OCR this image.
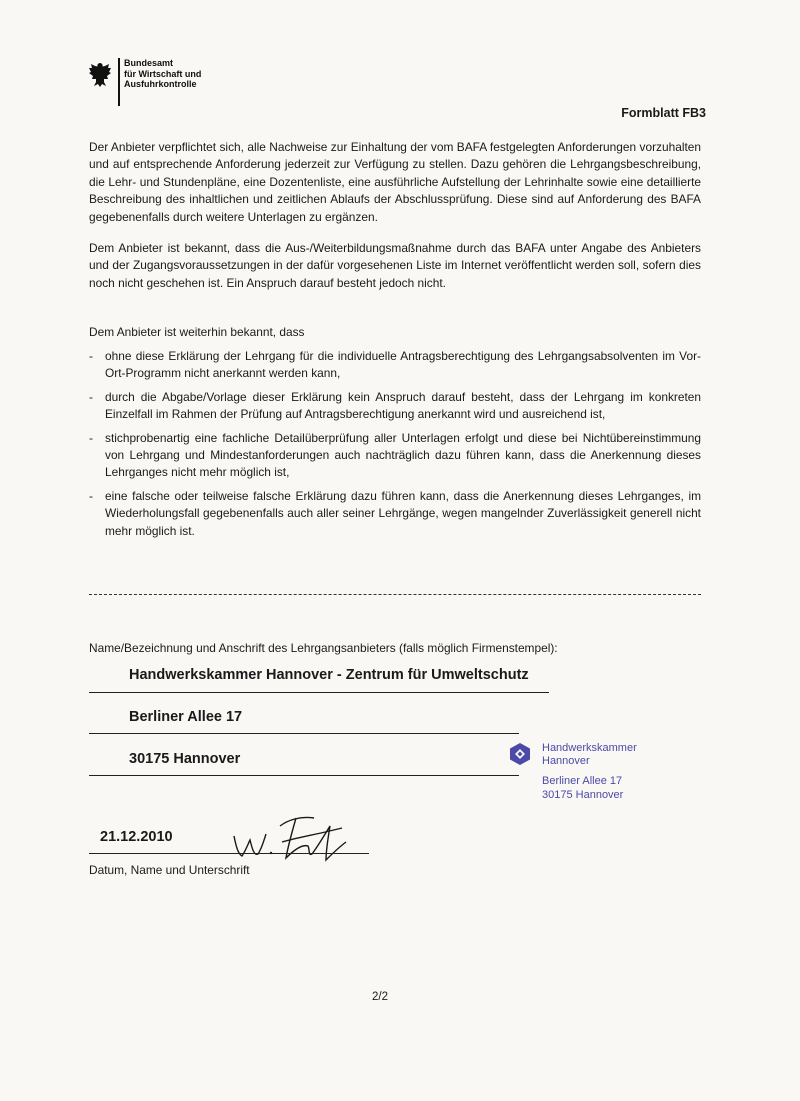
Bundesamt
für Wirtschaft und
Ausfuhrkontrolle
Formblatt FB3
Der Anbieter verpflichtet sich, alle Nachweise zur Einhaltung der vom BAFA festgelegten Anforderungen vorzuhalten und auf entsprechende Anforderung jederzeit zur Verfügung zu stellen. Dazu gehören die Lehrgangsbeschreibung, die Lehr- und Stundenpläne, eine Dozentenliste, eine ausführliche Aufstellung der Lehrinhalte sowie eine detaillierte Beschreibung des inhaltlichen und zeitlichen Ablaufs der Abschlussprüfung. Diese sind auf Anforderung des BAFA gegebenenfalls durch weitere Unterlagen zu ergänzen.
Dem Anbieter ist bekannt, dass die Aus-/Weiterbildungsmaßnahme durch das BAFA unter Angabe des Anbieters und der Zugangsvoraussetzungen in der dafür vorgesehenen Liste im Internet veröffentlicht werden soll, sofern dies noch nicht geschehen ist. Ein Anspruch darauf besteht jedoch nicht.
Dem Anbieter ist weiterhin bekannt, dass
- ohne diese Erklärung der Lehrgang für die individuelle Antragsberechtigung des Lehrgangsabsolventen im Vor-Ort-Programm nicht anerkannt werden kann,
- durch die Abgabe/Vorlage dieser Erklärung kein Anspruch darauf besteht, dass der Lehrgang im konkreten Einzelfall im Rahmen der Prüfung auf Antragsberechtigung anerkannt wird und ausreichend ist,
- stichprobenartig eine fachliche Detailüberprüfung aller Unterlagen erfolgt und diese bei Nichtübereinstimmung von Lehrgang und Mindestanforderungen auch nachträglich dazu führen kann, dass die Anerkennung dieses Lehrganges nicht mehr möglich ist,
- eine falsche oder teilweise falsche Erklärung dazu führen kann, dass die Anerkennung dieses Lehrganges, im Wiederholungsfall gegebenenfalls auch aller seiner Lehrgänge, wegen mangelnder Zuverlässigkeit generell nicht mehr möglich ist.
Name/Bezeichnung und Anschrift des Lehrgangsanbieters (falls möglich Firmenstempel):
Handwerkskammer Hannover - Zentrum für Umweltschutz
Berliner Allee 17
30175 Hannover
Handwerkskammer
Hannover
Berliner Allee 17
30175 Hannover
21.12.2010
Datum, Name und Unterschrift
2/2
